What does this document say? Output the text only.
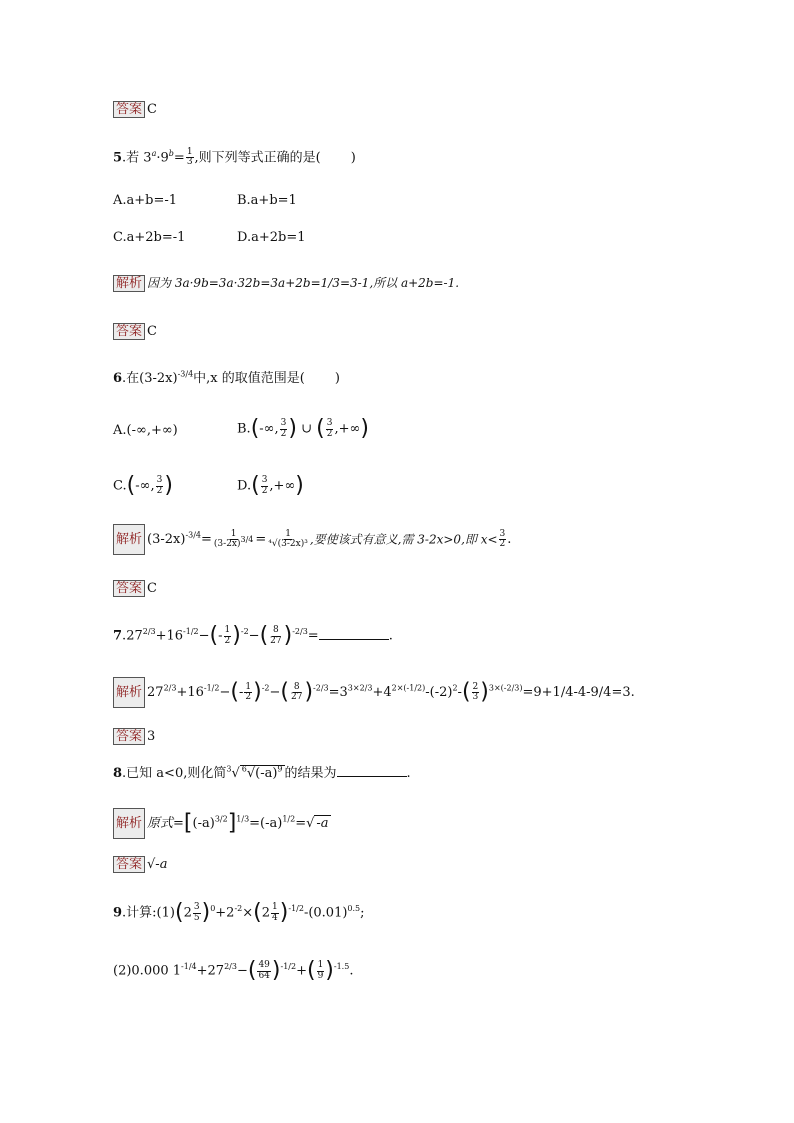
答案 C
5.若 $3^a\cdot 9^b= \frac{1}{3}$ ,则下列等式正确的是( )
A.a+b=-1	B.a+b=1
C.a+2b=-1	D.a+2b=1
解析 因为 3a·9b=3a·32b=3a+2b=1/3=3-1,所以 a+2b=-1.
答案 C
6.在$(3-2x)^{-3/4}$中,x 的取值范围是( )
A.(-∞,+∞)	B.(-∞, $\frac{3}{2}$ ) ∪ ( $\frac{3}{2}$ ,+∞)
C.(-∞, $\frac{3}{2}$ )	$D.( \frac{3}{2}$ ,+∞)
解析 $(3-2x)^{-3/4}= \frac{1}{(3-2x)^{3/4}} = \frac{1}{\text{⁴√(3-2x)³}}$ ,要使该式有意义,需 3-2x>0,即 $x< \frac{3}{2}$ .
答案 C
$7.27^{2/3}+16^{-1/2}-(- \frac{1}{2} )^{-2}-( \frac{8}{27} )^{-2/3}=$	.
解析 $27^{2/3}+16^{-1/2}-(- \frac{1}{2} )^{-2}-( \frac{8}{27} )^{-2/3}=3^{3\times 2/3}+4^{2\times(-1/2)}-(-2)^2-( \frac{2}{3} )^{3\times(-2/3)}=9+1/4-4-9/4=3$.
答案 3
8.已知 a<0,则化简$^3$√ $^6√(-a)^9$ 的结果为	.
解析 原式$=[(-a)^{3/2}]^{1/3}=(-a)^{1/2}=√$ -a
答案 √-a
9.计算:(1)(2 $\frac{3}{5} )^0+2^{-2}\times(2 \frac{1}{4} )^{-1/2}-(0.01)^{0.5}$;
(2)0.000 $1^{-1/4}+27^{2/3}-( \frac{49}{64} )^{-1/2}+( \frac{1}{9} )^{-1.5}$.
